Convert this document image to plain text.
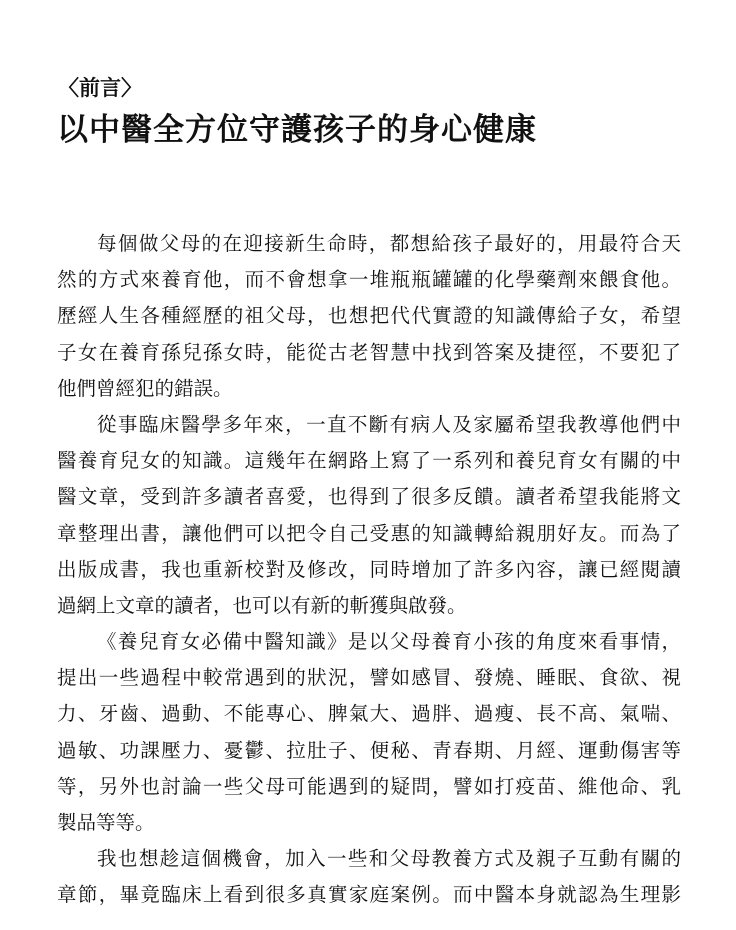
〈前言〉
以中醫全方位守護孩子的身心健康
每個做父母的在迎接新生命時，都想給孩子最好的，用最符合天
然的方式來養育他，而不會想拿一堆瓶瓶罐罐的化學藥劑來餵食他。
歷經人生各種經歷的祖父母，也想把代代實證的知識傳給子女，希望
子女在養育孫兒孫女時，能從古老智慧中找到答案及捷徑，不要犯了
他們曾經犯的錯誤。
從事臨床醫學多年來，一直不斷有病人及家屬希望我教導他們中
醫養育兒女的知識。這幾年在網路上寫了一系列和養兒育女有關的中
醫文章，受到許多讀者喜愛，也得到了很多反饋。讀者希望我能將文
章整理出書，讓他們可以把令自己受惠的知識轉給親朋好友。而為了
出版成書，我也重新校對及修改，同時增加了許多內容，讓已經閱讀
過網上文章的讀者，也可以有新的斬獲與啟發。
《養兒育女必備中醫知識》是以父母養育小孩的角度來看事情，
提出一些過程中較常遇到的狀況，譬如感冒、發燒、睡眠、食欲、視
力、牙齒、過動、不能專心、脾氣大、過胖、過瘦、長不高、氣喘、
過敏、功課壓力、憂鬱、拉肚子、便秘、青春期、月經、運動傷害等
等，另外也討論一些父母可能遇到的疑問，譬如打疫苗、維他命、乳
製品等等。
我也想趁這個機會，加入一些和父母教養方式及親子互動有關的
章節，畢竟臨床上看到很多真實家庭案例。而中醫本身就認為生理影
